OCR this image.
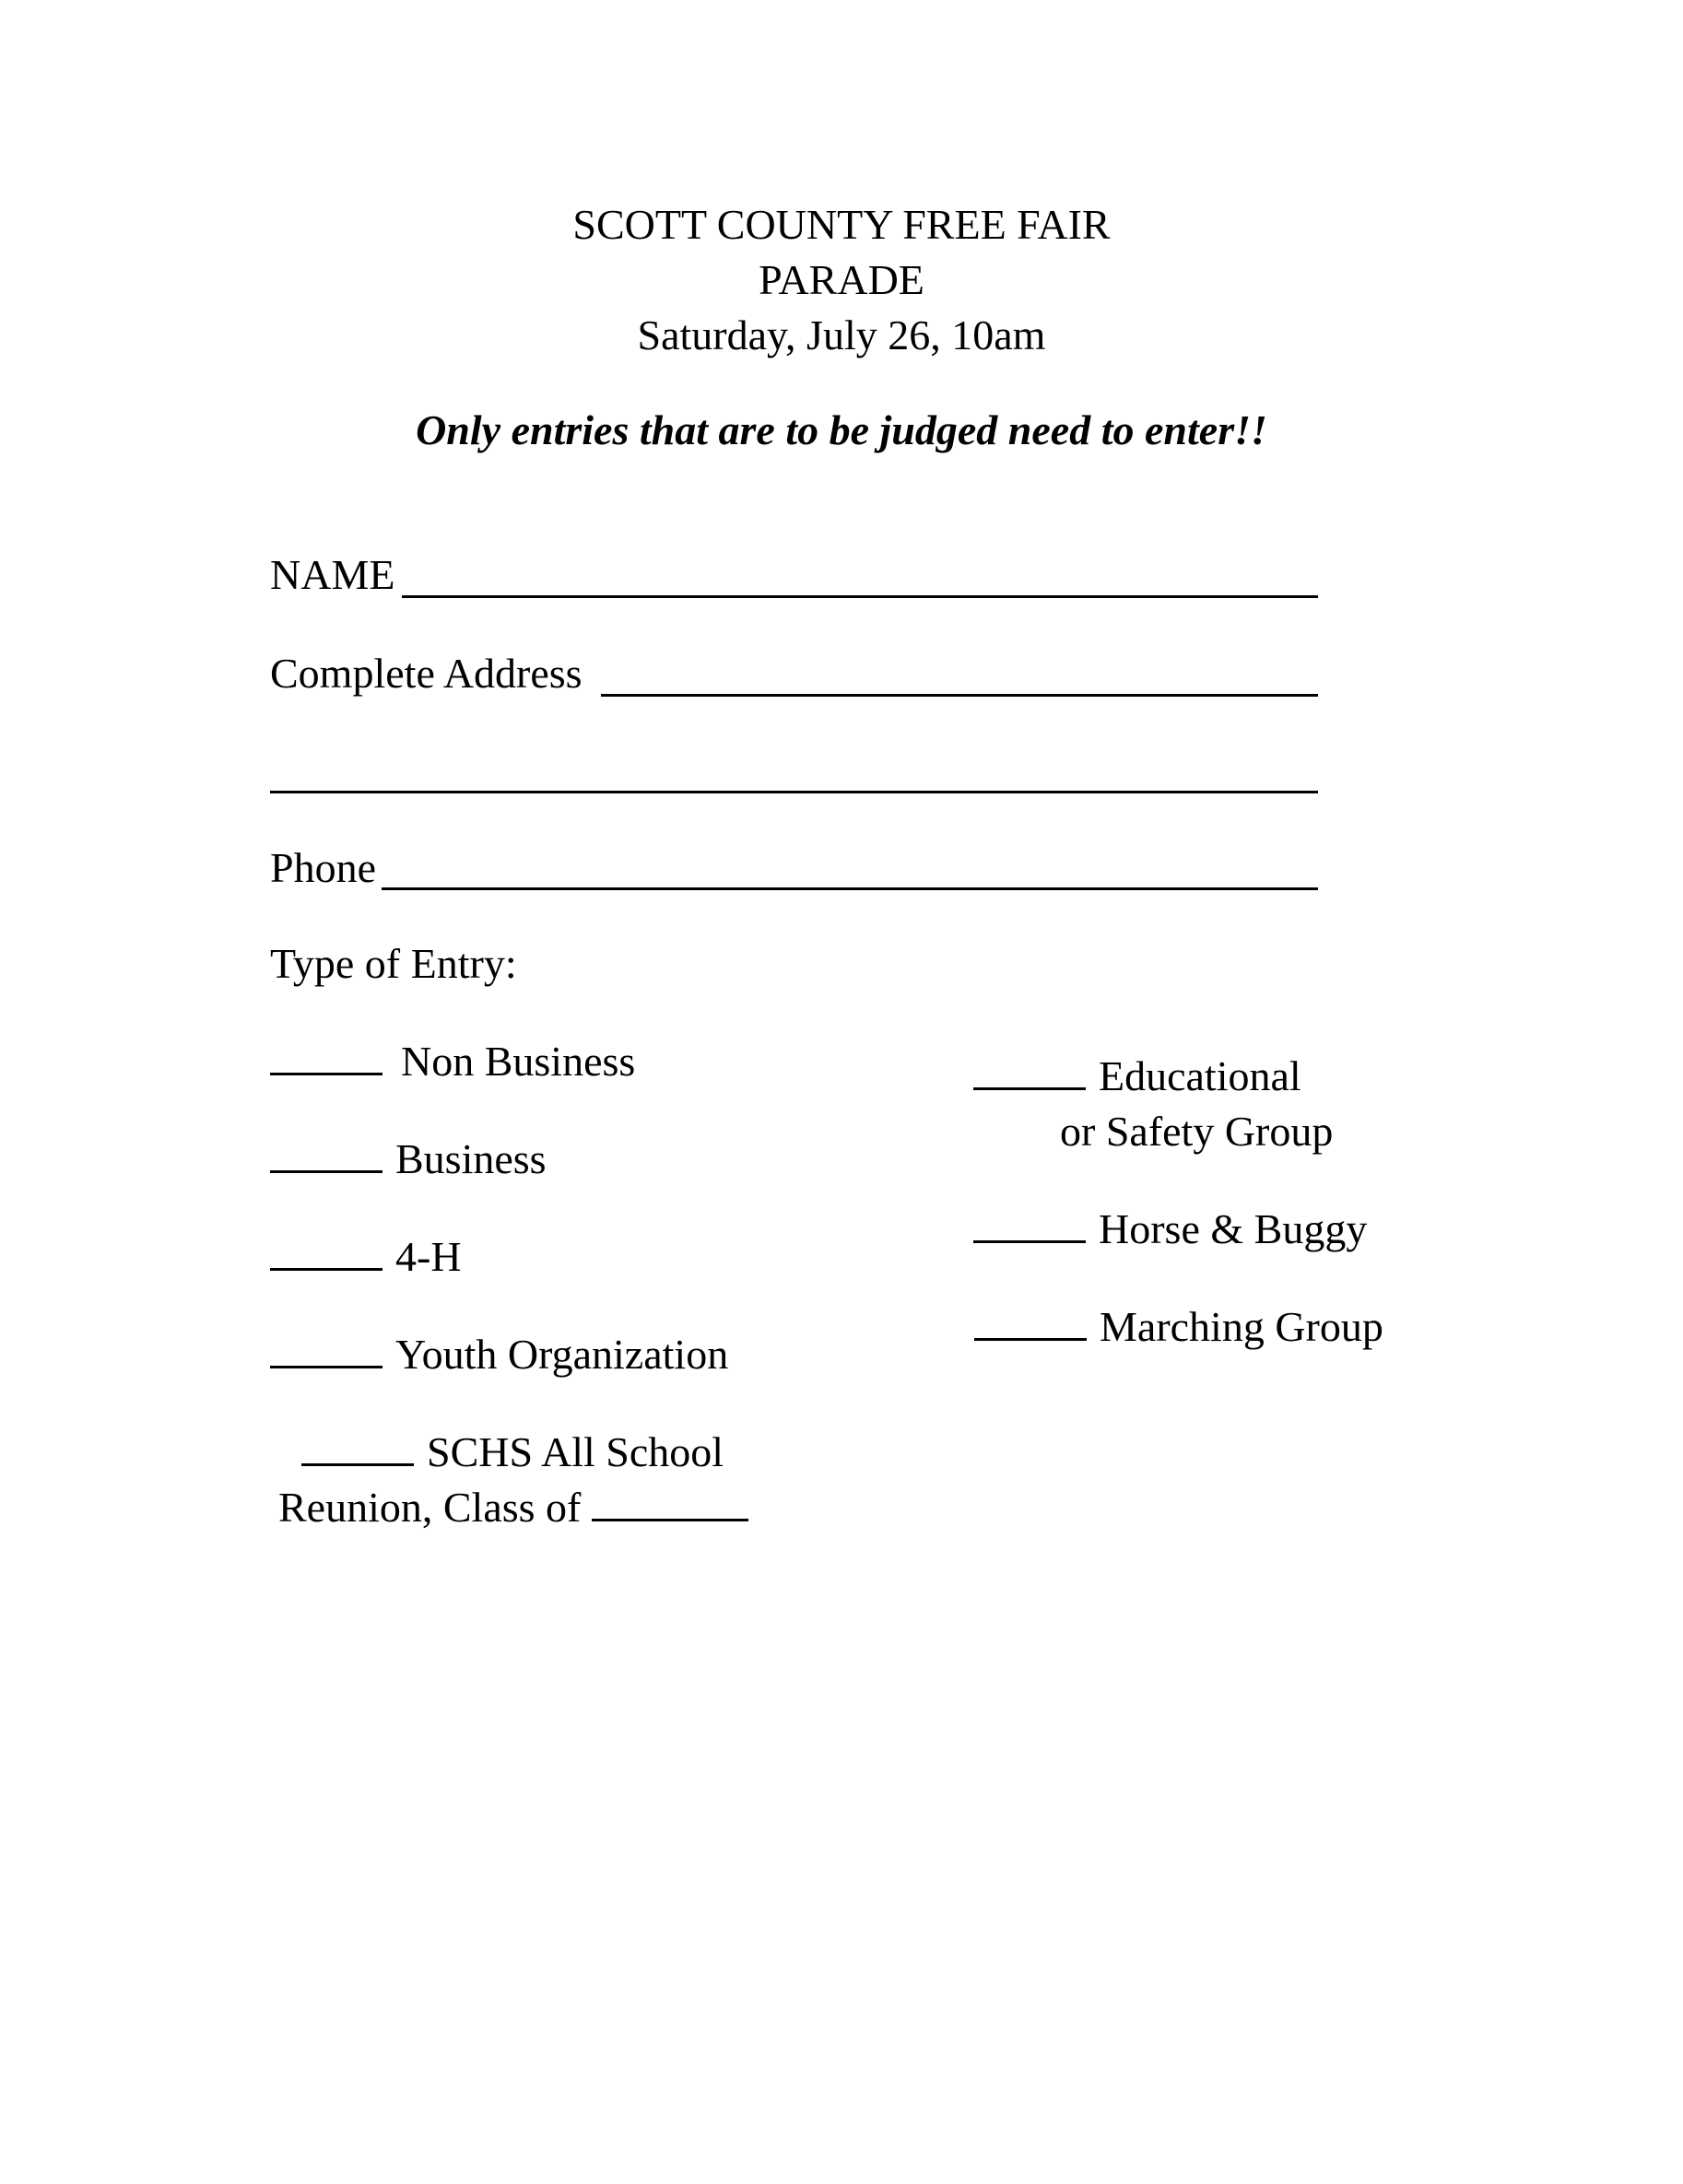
SCOTT COUNTY FREE FAIR
PARADE
Saturday, July 26, 10am
Only entries that are to be judged need to enter!!
NAME
Complete Address
Phone
Type of Entry:
Non Business
Business
4-H
Youth Organization
SCHS All School
Reunion, Class of
Educational
or Safety Group
Horse & Buggy
Marching Group
